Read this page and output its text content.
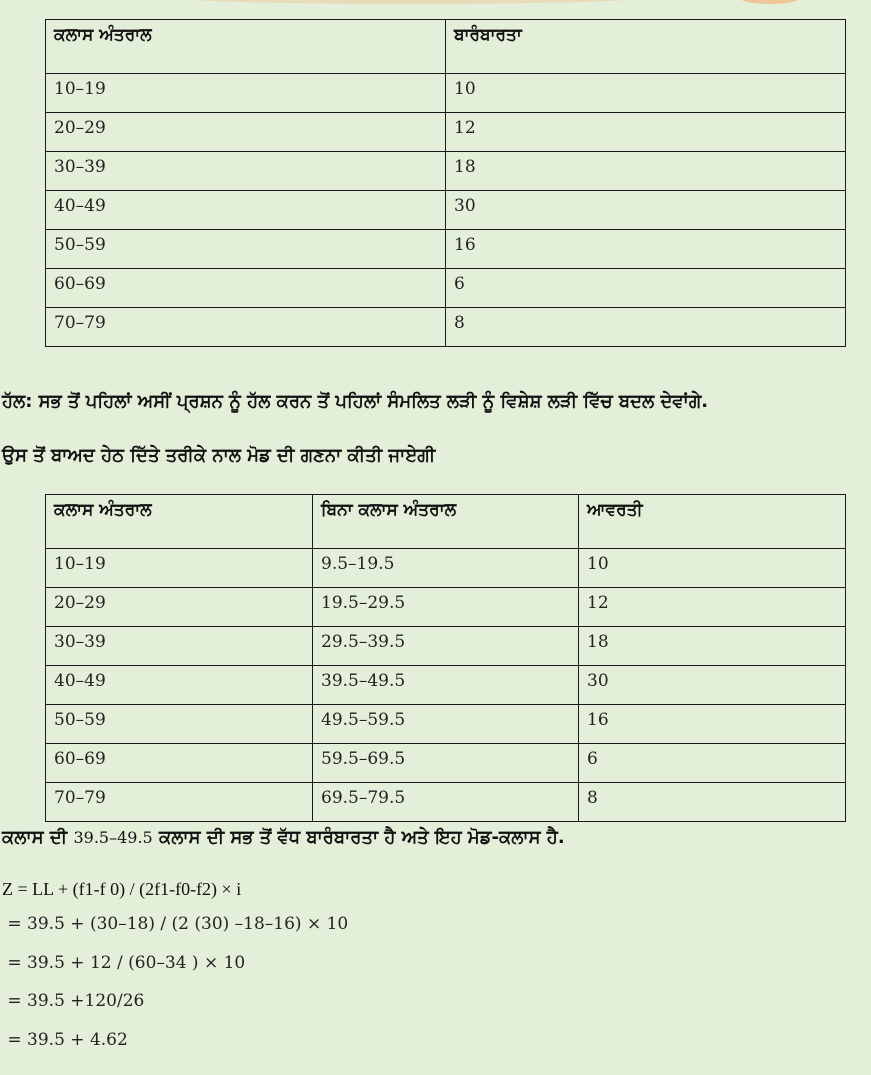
ਕਲਾਸ ਅੰਤਰਾਲ	ਬਾਰੰਬਾਰਤਾ
10–19	10
20–29	12
30–39	18
40–49	30
50–59	16
60–69	6
70–79	8
ਹੱਲ: ਸਭ ਤੋਂ ਪਹਿਲਾਂ ਅਸੀਂ ਪ੍ਰਸ਼ਨ ਨੂੰ ਹੱਲ ਕਰਨ ਤੋਂ ਪਹਿਲਾਂ ਸੰਮਲਿਤ ਲੜੀ ਨੂੰ ਵਿਸ਼ੇਸ਼ ਲੜੀ ਵਿੱਚ ਬਦਲ ਦੇਵਾਂਗੇ.
ਉਸ ਤੋਂ ਬਾਅਦ ਹੇਠ ਦਿੱਤੇ ਤਰੀਕੇ ਨਾਲ ਮੋਡ ਦੀ ਗਣਨਾ ਕੀਤੀ ਜਾਏਗੀ
ਕਲਾਸ ਅੰਤਰਾਲ	ਬਿਨਾ ਕਲਾਸ ਅੰਤਰਾਲ	ਆਵਰਤੀ
10–19	9.5–19.5	10
20–29	19.5–29.5	12
30–39	29.5–39.5	18
40–49	39.5–49.5	30
50–59	49.5–59.5	16
60–69	59.5–69.5	6
70–79	69.5–79.5	8
ਕਲਾਸ ਦੀ 39.5–49.5 ਕਲਾਸ ਦੀ ਸਭ ਤੋਂ ਵੱਧ ਬਾਰੰਬਾਰਤਾ ਹੈ ਅਤੇ ਇਹ ਮੋਡ-ਕਲਾਸ ਹੈ.
Z = LL + (f1-f 0) / (2f1-f0-f2) × i
= 39.5 + (30–18) / (2 (30) –18–16) × 10
= 39.5 + 12 / (60–34 ) × 10
= 39.5 +120/26
= 39.5 + 4.62
